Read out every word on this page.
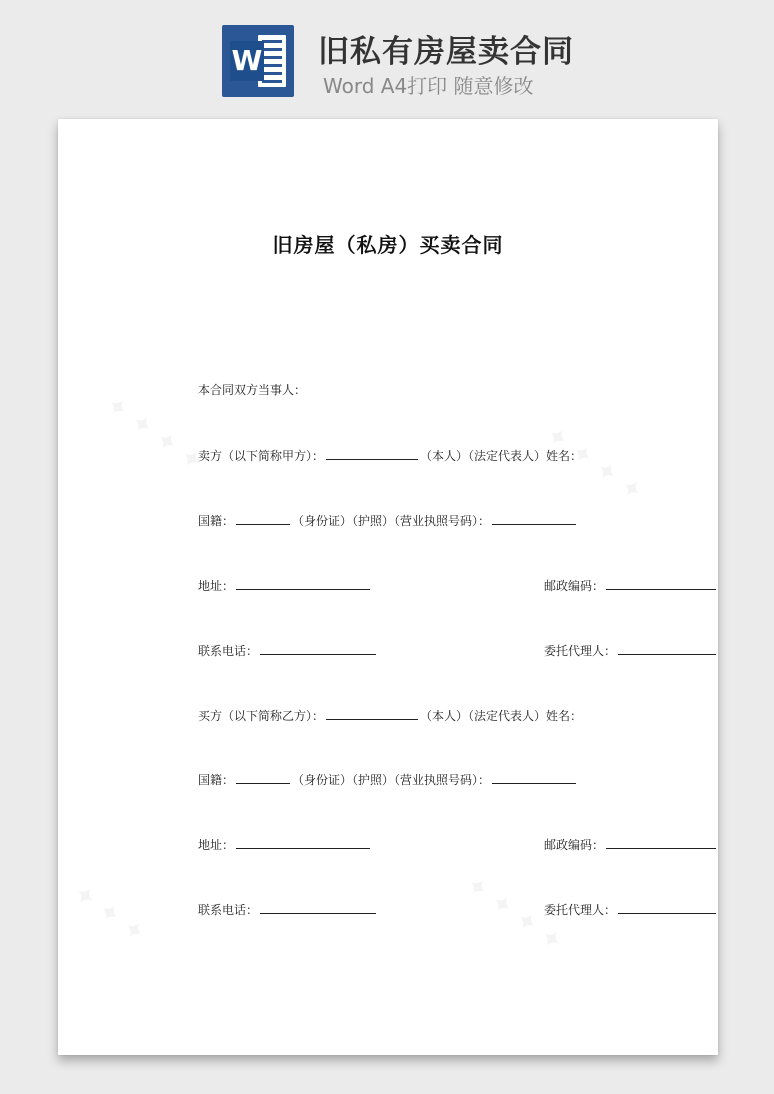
W 旧私有房屋卖合同
Word A4打印 随意修改
旧房屋（私房）买卖合同
本合同双方当事人：
卖方（以下简称甲方）：	（本人）（法定代表人）姓名：
国籍：	（身份证）（护照）（营业执照号码）：
地址：	邮政编码：
联系电话：	委托代理人：
买方（以下简称乙方）：	（本人）（法定代表人）姓名：
国籍：	（身份证）（护照）（营业执照号码）：
地址：	邮政编码：
联系电话：	委托代理人：
